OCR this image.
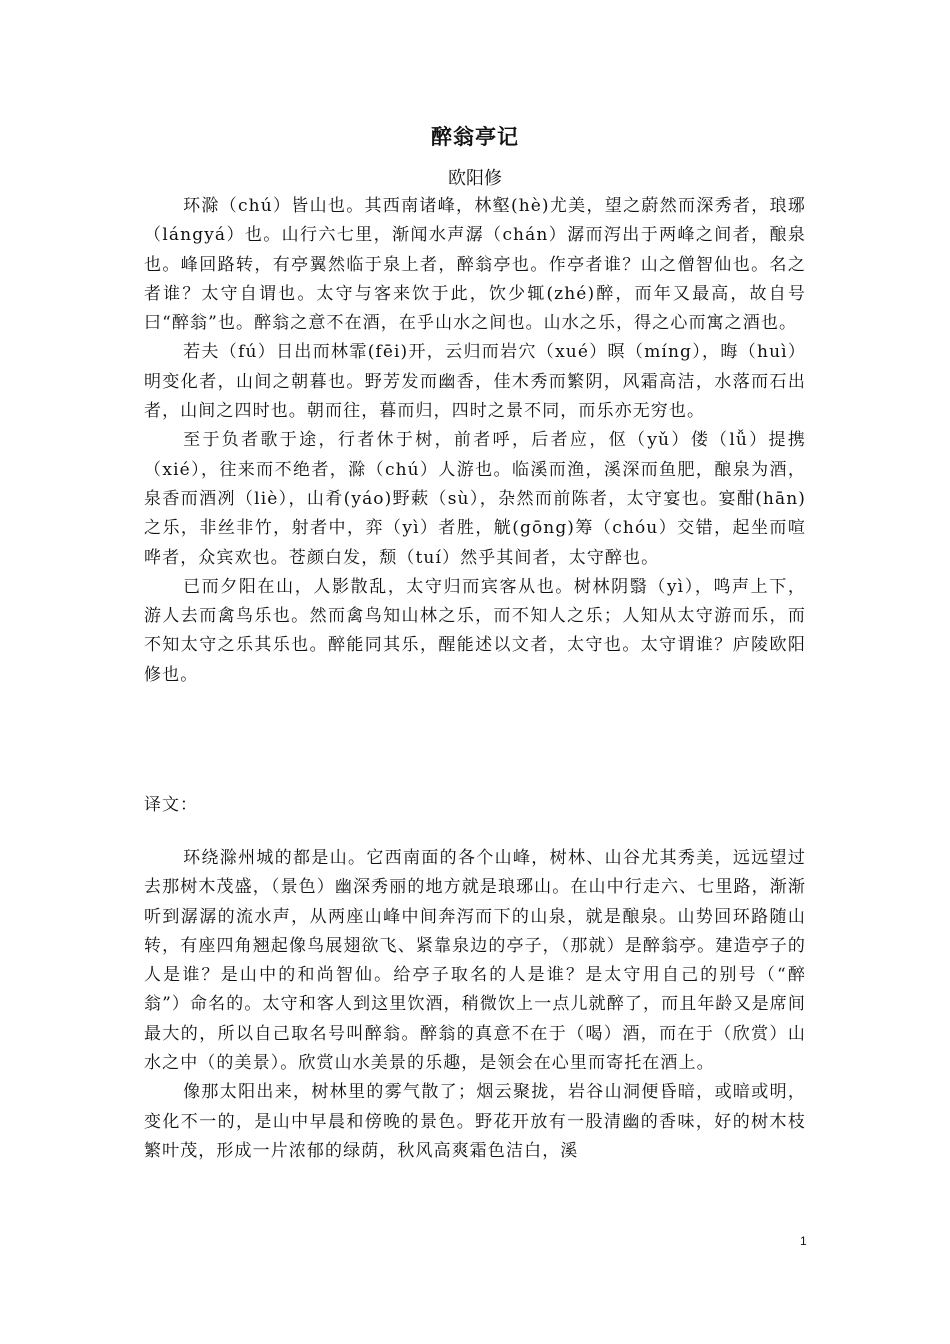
醉翁亭记
欧阳修

环滁（chú）皆山也。其西南诸峰，林壑(hè)尤美，望之蔚然而深秀者，琅琊（lángyá）也。山行六七里，渐闻水声潺（chán）潺而泻出于两峰之间者，酿泉也。峰回路转，有亭翼然临于泉上者，醉翁亭也。作亭者谁？山之僧智仙也。名之者谁？太守自谓也。太守与客来饮于此，饮少辄(zhé)醉，而年又最高，故自号曰“醉翁”也。醉翁之意不在酒，在乎山水之间也。山水之乐，得之心而寓之酒也。

若夫（fú）日出而林霏(fēi)开，云归而岩穴（xué）暝（míng），晦（huì）明变化者，山间之朝暮也。野芳发而幽香，佳木秀而繁阴，风霜高洁，水落而石出者，山间之四时也。朝而往，暮而归，四时之景不同，而乐亦无穷也。

至于负者歌于途，行者休于树，前者呼，后者应，伛（yǔ）偻（lǚ）提携（xié），往来而不绝者，滁（chú）人游也。临溪而渔，溪深而鱼肥，酿泉为酒，泉香而酒冽（liè），山肴(yáo)野蔌（sù），杂然而前陈者，太守宴也。宴酣(hān)之乐，非丝非竹，射者中，弈（yì）者胜，觥(gōng)筹（chóu）交错，起坐而喧哗者，众宾欢也。苍颜白发，颓（tuí）然乎其间者，太守醉也。

已而夕阳在山，人影散乱，太守归而宾客从也。树林阴翳（yì），鸣声上下，游人去而禽鸟乐也。然而禽鸟知山林之乐，而不知人之乐；人知从太守游而乐，而不知太守之乐其乐也。醉能同其乐，醒能述以文者，太守也。太守谓谁？庐陵欧阳修也。

译文：

环绕滁州城的都是山。它西南面的各个山峰，树林、山谷尤其秀美，远远望过去那树木茂盛，（景色）幽深秀丽的地方就是琅琊山。在山中行走六、七里路，渐渐听到潺潺的流水声，从两座山峰中间奔泻而下的山泉，就是酿泉。山势回环路随山转，有座四角翘起像鸟展翅欲飞、紧靠泉边的亭子，（那就）是醉翁亭。建造亭子的人是谁？是山中的和尚智仙。给亭子取名的人是谁？是太守用自己的别号（“醉翁”）命名的。太守和客人到这里饮酒，稍微饮上一点儿就醉了，而且年龄又是席间最大的，所以自己取名号叫醉翁。醉翁的真意不在于（喝）酒，而在于（欣赏）山水之中（的美景）。欣赏山水美景的乐趣，是领会在心里而寄托在酒上。

像那太阳出来，树林里的雾气散了；烟云聚拢，岩谷山洞便昏暗，或暗或明，变化不一的，是山中早晨和傍晚的景色。野花开放有一股清幽的香味，好的树木枝繁叶茂，形成一片浓郁的绿荫，秋风高爽霜色洁白，溪

1
